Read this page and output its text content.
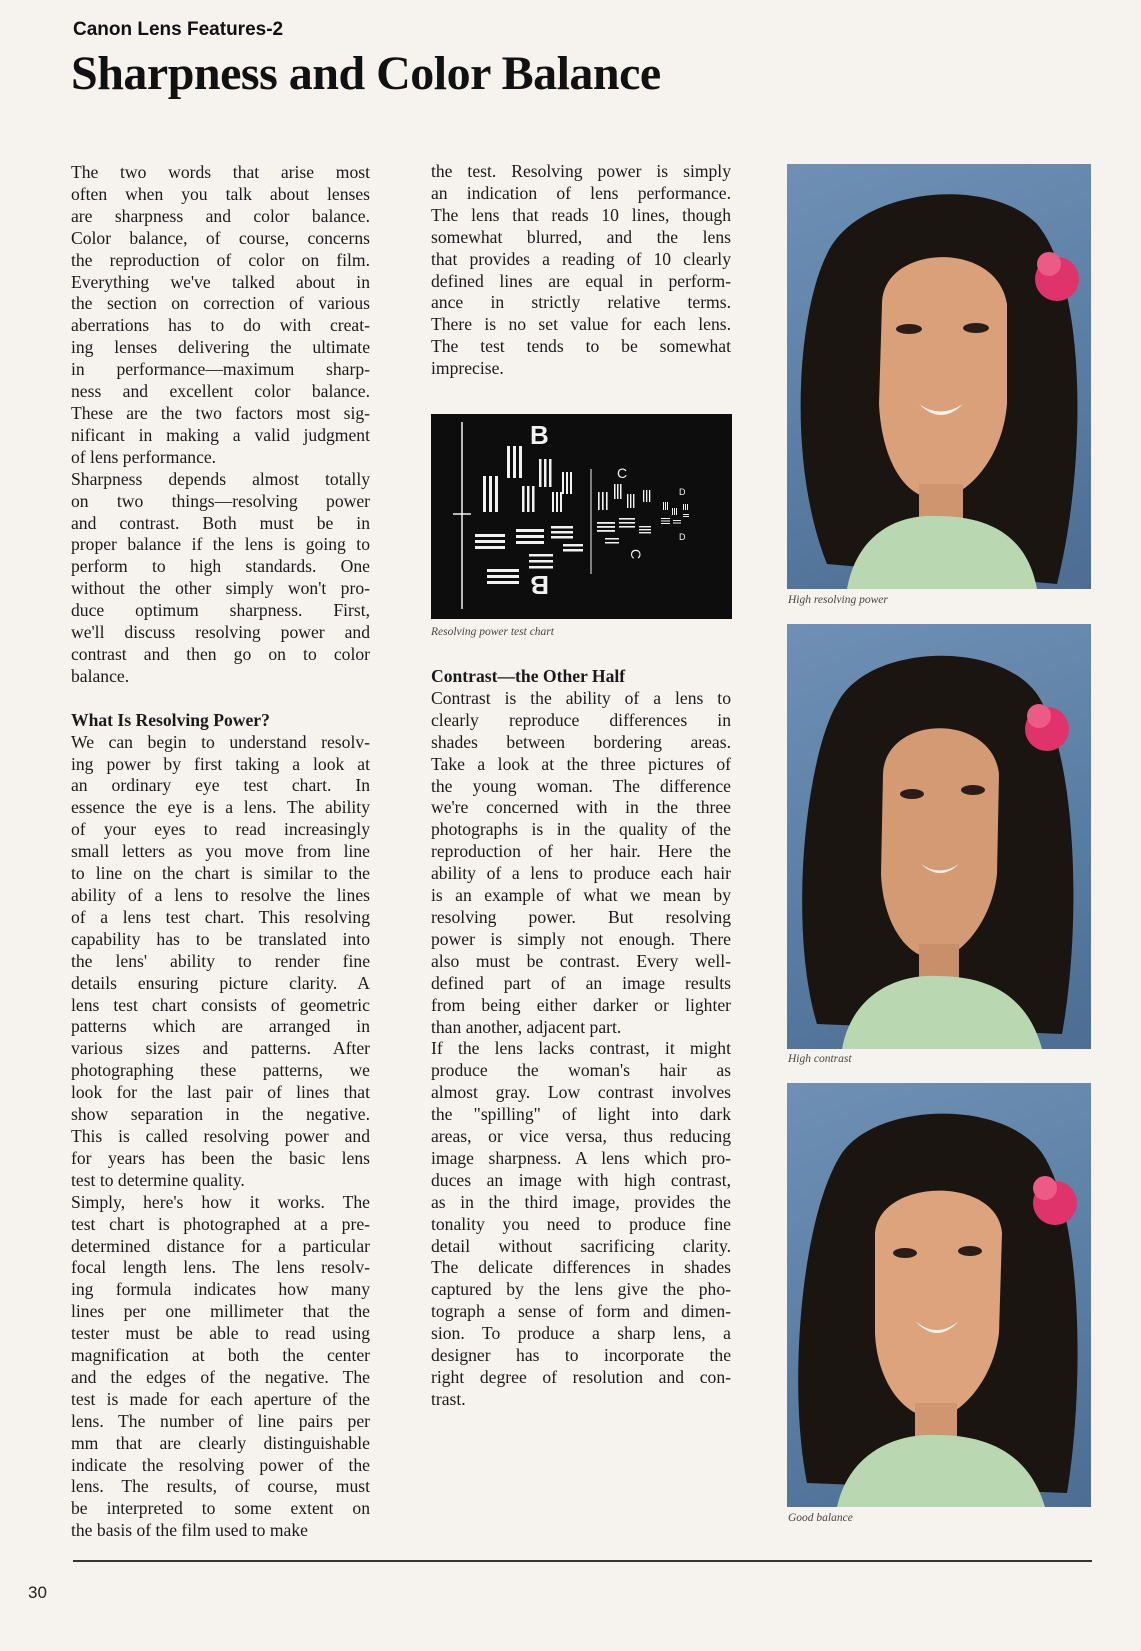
Canon Lens Features-2
Sharpness and Color Balance
The two words that arise most
often when you talk about lenses
are sharpness and color balance.
Color balance, of course, concerns
the reproduction of color on film.
Everything we've talked about in
the section on correction of various
aberrations has to do with creat-
ing lenses delivering the ultimate
in performance—maximum sharp-
ness and excellent color balance.
These are the two factors most sig-
nificant in making a valid judgment
of lens performance.
Sharpness depends almost totally
on two things—resolving power
and contrast. Both must be in
proper balance if the lens is going to
perform to high standards. One
without the other simply won't pro-
duce optimum sharpness. First,
we'll discuss resolving power and
contrast and then go on to color
balance.
What Is Resolving Power?
We can begin to understand resolv-
ing power by first taking a look at
an ordinary eye test chart. In
essence the eye is a lens. The ability
of your eyes to read increasingly
small letters as you move from line
to line on the chart is similar to the
ability of a lens to resolve the lines
of a lens test chart. This resolving
capability has to be translated into
the lens' ability to render fine
details ensuring picture clarity. A
lens test chart consists of geometric
patterns which are arranged in
various sizes and patterns. After
photographing these patterns, we
look for the last pair of lines that
show separation in the negative.
This is called resolving power and
for years has been the basic lens
test to determine quality.
Simply, here's how it works. The
test chart is photographed at a pre-
determined distance for a particular
focal length lens. The lens resolv-
ing formula indicates how many
lines per one millimeter that the
tester must be able to read using
magnification at both the center
and the edges of the negative. The
test is made for each aperture of the
lens. The number of line pairs per
mm that are clearly distinguishable
indicate the resolving power of the
lens. The results, of course, must
be interpreted to some extent on
the basis of the film used to make
the test. Resolving power is simply
an indication of lens performance.
The lens that reads 10 lines, though
somewhat blurred, and the lens
that provides a reading of 10 clearly
defined lines are equal in perform-
ance in strictly relative terms.
There is no set value for each lens.
The test tends to be somewhat
imprecise.
B
B
C
C
D
D
Resolving power test chart
Contrast—the Other Half
Contrast is the ability of a lens to
clearly reproduce differences in
shades between bordering areas.
Take a look at the three pictures of
the young woman. The difference
we're concerned with in the three
photographs is in the quality of the
reproduction of her hair. Here the
ability of a lens to produce each hair
is an example of what we mean by
resolving power. But resolving
power is simply not enough. There
also must be contrast. Every well-
defined part of an image results
from being either darker or lighter
than another, adjacent part.
If the lens lacks contrast, it might
produce the woman's hair as
almost gray. Low contrast involves
the "spilling" of light into dark
areas, or vice versa, thus reducing
image sharpness. A lens which pro-
duces an image with high contrast,
as in the third image, provides the
tonality you need to produce fine
detail without sacrificing clarity.
The delicate differences in shades
captured by the lens give the pho-
tograph a sense of form and dimen-
sion. To produce a sharp lens, a
designer has to incorporate the
right degree of resolution and con-
trast.
High resolving power
High contrast
Good balance
30
